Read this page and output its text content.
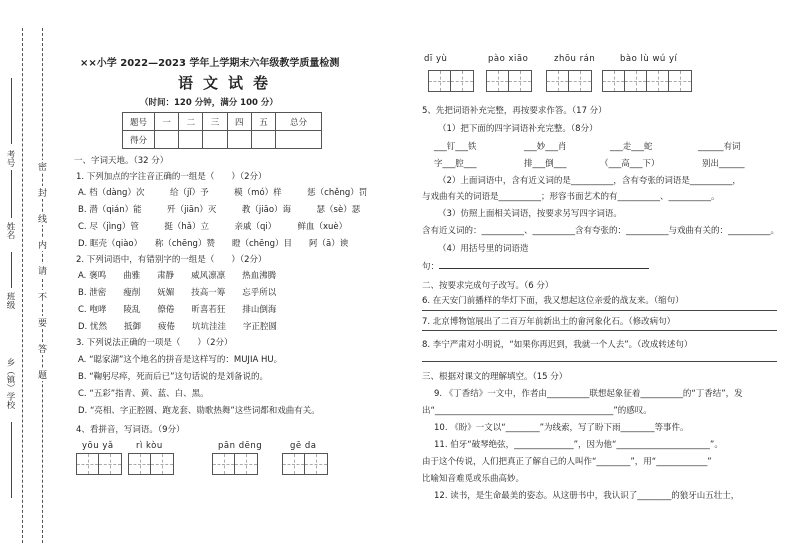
考号
姓名
班级
乡（镇）学校
密
封
线
内
请
不
要
答
题
××小学 2022—2023 学年上学期末六年级教学质量检测
语文试卷
（时间：120 分钟，满分 100 分）
题号	一	二	三	四	五	总分
得分						
一、字词天地。（32 分）
1. 下列加点的字注音正确的一组是（　　）（2分）
A. 档（dàng）次　　　给（jǐ）予　　　模（mó）样　　　惩（chěng）罚
B. 潜（qián）能　　　歼（jiān）灭　　　教（jiāo）诲　　　瑟（sè）瑟
C. 尽（jìng）管　　　挺（hǎ）立　　　亲戚（qi）　　　鲜血（xuè）
D. 眶壳（qiào）　　称（chēng）赞　　瞪（chēng）目　　阿（ā）谀
2. 下列词语中，有错别字的一组是（　　）（2分）
A. 褒鸣　　曲雅　　肃静　　威风凛凛　　热血沸腾
B. 泄密　　瘦削　　妩媚　　技高一筹　　忘乎所以
C. 咆哮　　陵乱　　僚倦　　昕喜若狂　　排山倒海
D. 忧然　　抵御　　疲倦　　坑坑洼洼　　字正腔圆
3. 下列说法正确的一项是（　　）（2分）
A. “聪家湖”这个地名的拼音是这样写的：MUJIA HU。
B. “鞠躬尽瘁，死而后已”这句话说的是刘备说的。
C. “五彩”指青、黄、蓝、白、黑。
D. “亮相、字正腔圆、跑龙套、勋歌热舞”这些词都和戏曲有关。
4、看拼音，写词语。（9分）
yōu yǎ	rì kòu	pān dēng	gē da
dī yù	pào xiāo	zhōu rán	bào lù wú yí
5、先把词语补充完整，再按要求作答。（17 分）
（1）把下面的四字词语补充完整。（8分）
___钉___铁	___妙___肖	___走___蛇	______有词
字___腔___	排___倒___	（___高___下）	别出______
（2）上面词语中，含有近义词的是__________，含有夸张的词语是__________，
与戏曲有关的词语是__________；形容书面艺术的有__________、__________。
（3）仿照上面相关词语，按要求另写四字词语。
含有近义词的：__________、__________含有夸张的：__________与戏曲有关的：__________。
（4）用括号里的词语造
句：
二、按要求完成句子改写。（6 分）
6. 在天安门前播样的华灯下面，我又想起这位亲爱的战友来。（缩句）
7. 北京博物馆展出了二百万年前新出土的畲河象化石。（修改病句）
8. 李宁严肃对小明说，“如果你再迟到，我就一个人去”。（改成转述句）
三、根据对课文的理解填空。（15 分）
9. 《丁香结》一文中，作者由__________联想起象征着__________的“丁香结”，发
出“__________________________________________”的感叹。
10. 《盼》一文以“________”为线索，写了盼下雨________等事件。
11. 伯牙“破琴绝弦，______________”，因为他“______________________”。
由于这个传说，人们把真正了解自己的人叫作“________”，用“____________”
比喻知音难觅或乐曲高妙。
12. 读书，是生命最美的姿态。从这册书中，我认识了________的狼牙山五壮士，
